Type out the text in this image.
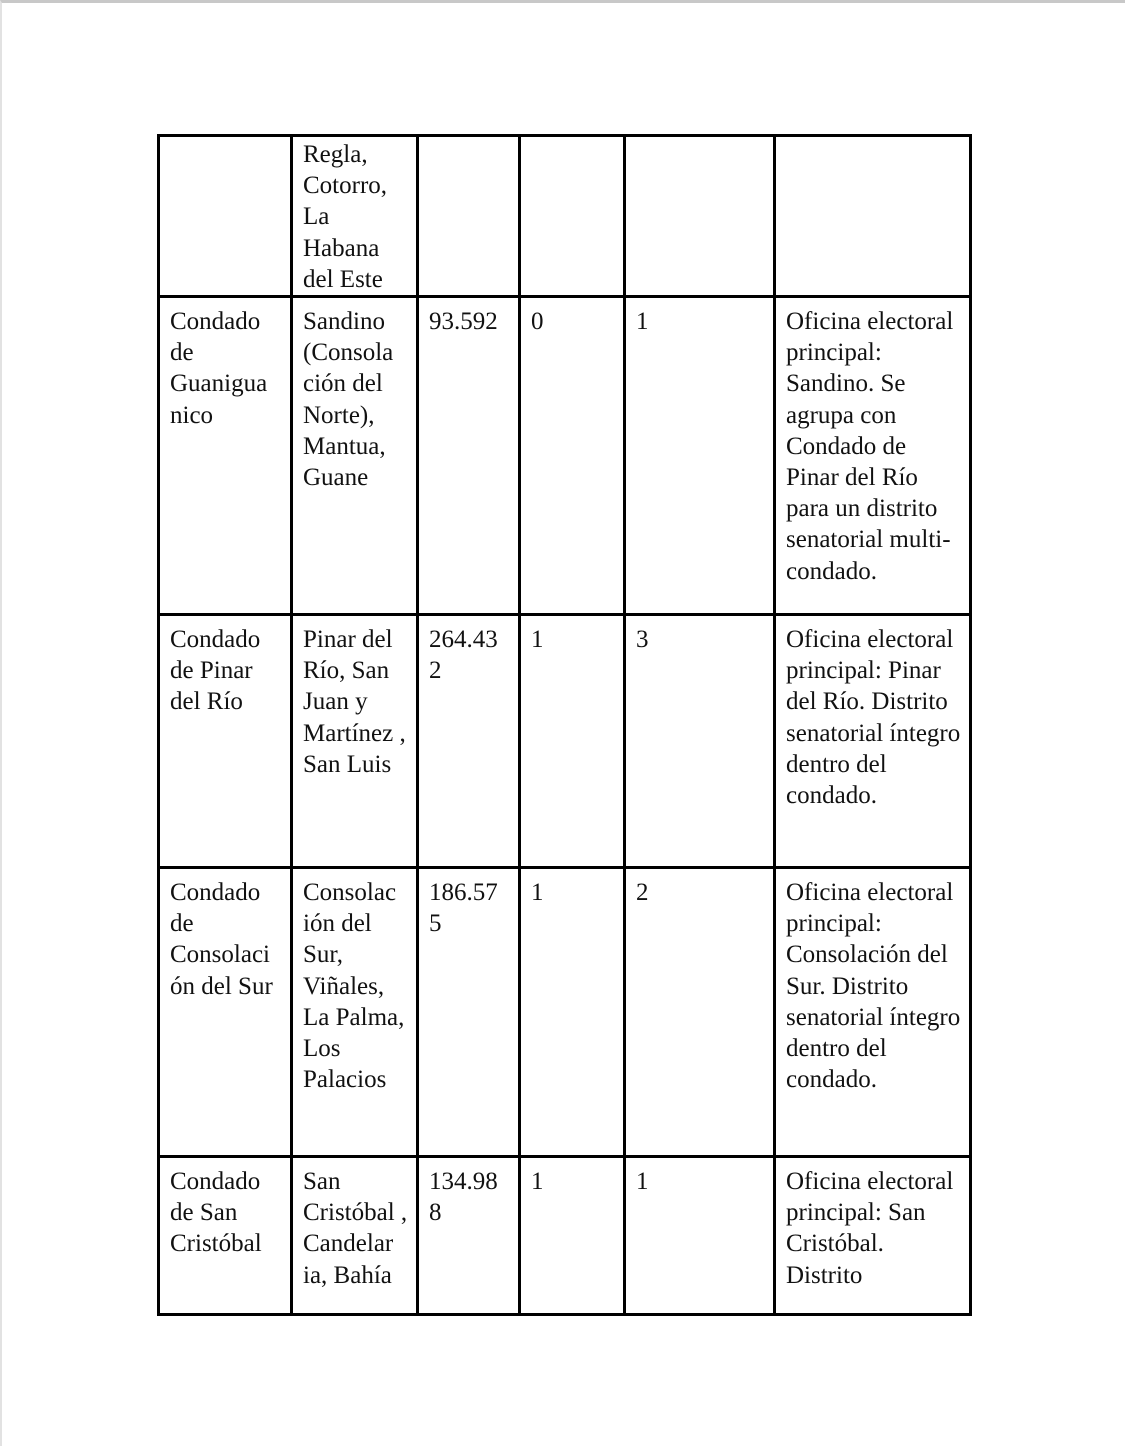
	Regla, Cotorro, La Habana del Este				
Condado de Guanigua nico	Sandino (Consola ción del Norte), Mantua, Guane	93.592	0	1	Oficina electoral principal: Sandino. Se agrupa con Condado de Pinar del Río para un distrito senatorial multi-condado.
Condado de Pinar del Río	Pinar del Río, San Juan y Martínez , San Luis	264.43 2	1	3	Oficina electoral principal: Pinar del Río. Distrito senatorial íntegro dentro del condado.
Condado de Consolaci ón del Sur	Consolac ión del Sur, Viñales, La Palma, Los Palacios	186.57 5	1	2	Oficina electoral principal: Consolación del Sur. Distrito senatorial íntegro dentro del condado.
Condado de San Cristóbal	San Cristóbal , Candelar ia, Bahía	134.98 8	1	1	Oficina electoral principal: San Cristóbal. Distrito
